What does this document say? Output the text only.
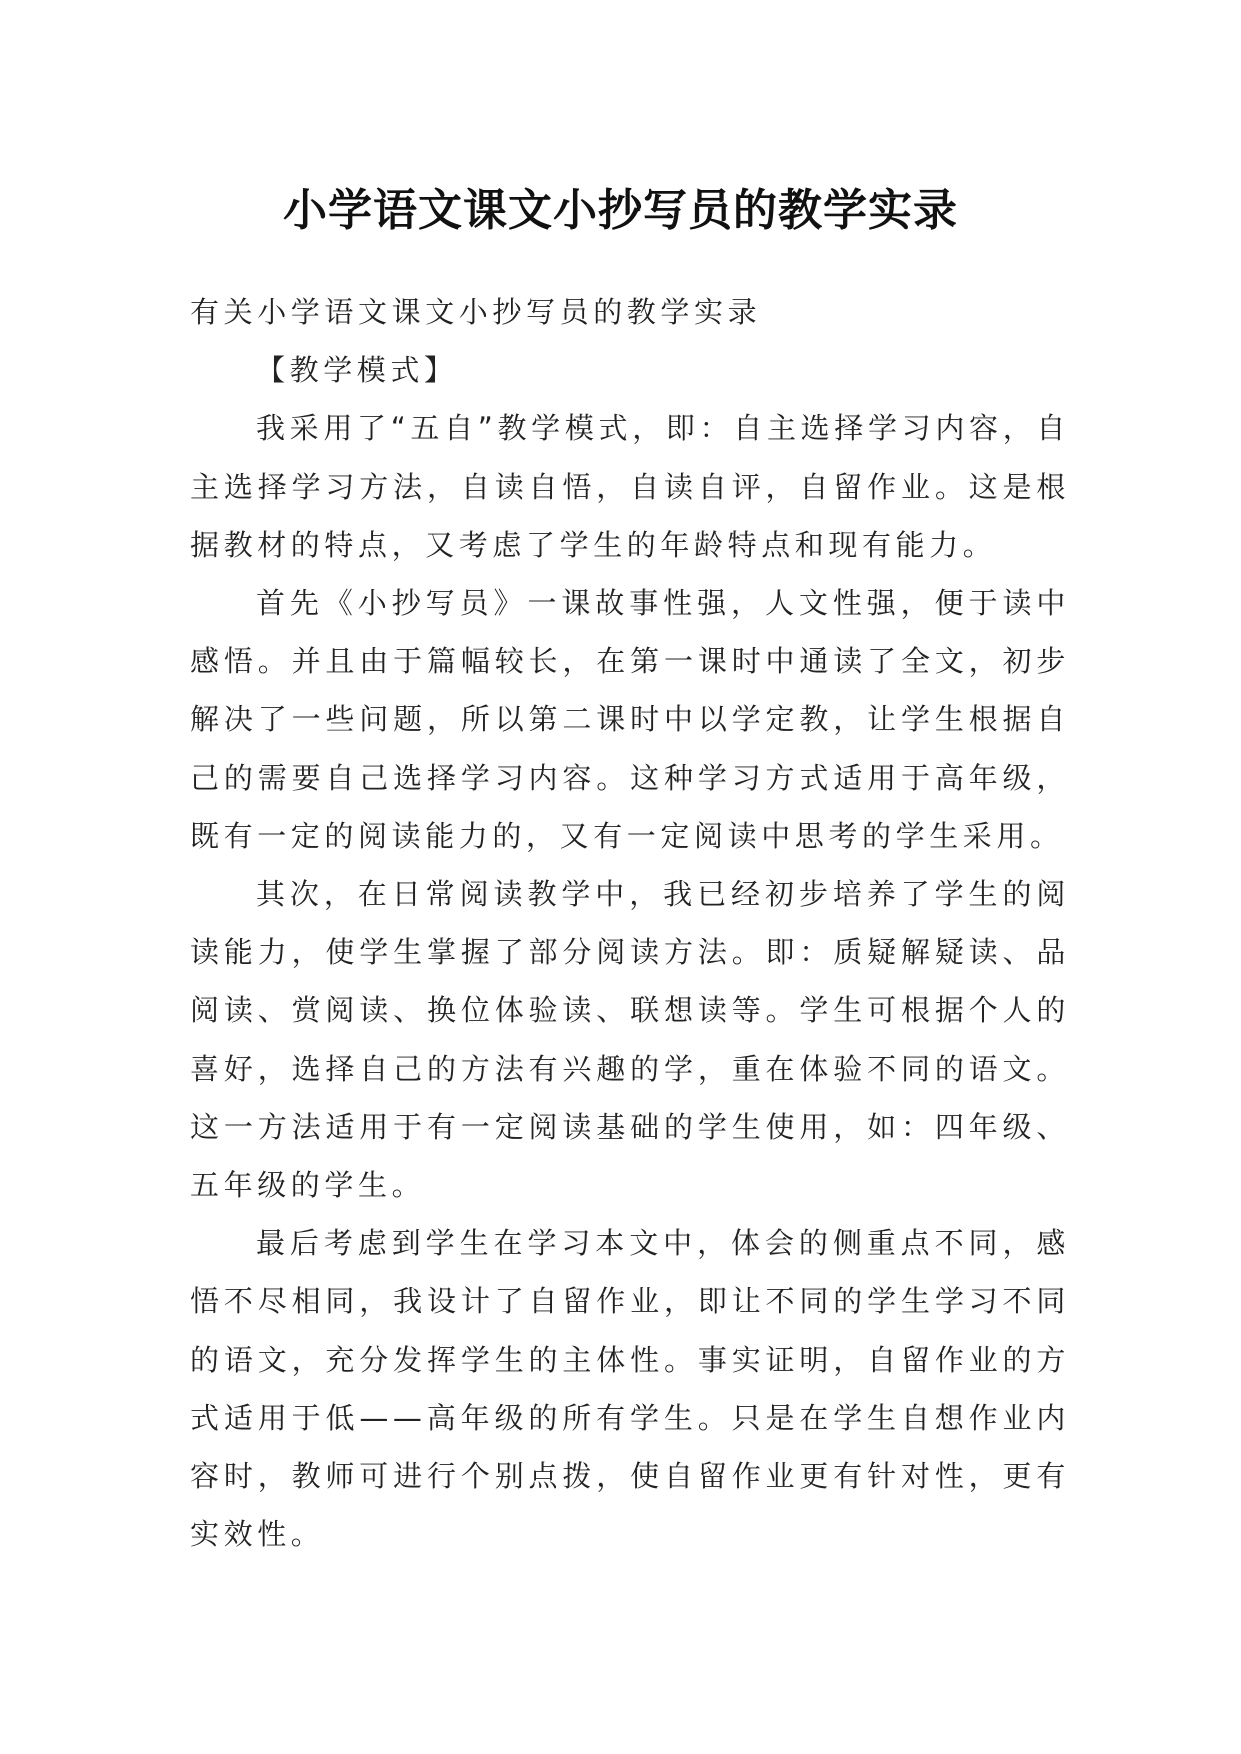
小学语文课文小抄写员的教学实录

有关小学语文课文小抄写员的教学实录

【教学模式】

我采用了“五自”教学模式，即：自主选择学习内容，自主选择学习方法，自读自悟，自读自评，自留作业。这是根据教材的特点，又考虑了学生的年龄特点和现有能力。

首先《小抄写员》一课故事性强，人文性强，便于读中感悟。并且由于篇幅较长，在第一课时中通读了全文，初步解决了一些问题，所以第二课时中以学定教，让学生根据自己的需要自己选择学习内容。这种学习方式适用于高年级，既有一定的阅读能力的，又有一定阅读中思考的学生采用。

其次，在日常阅读教学中，我已经初步培养了学生的阅读能力，使学生掌握了部分阅读方法。即：质疑解疑读、品阅读、赏阅读、换位体验读、联想读等。学生可根据个人的喜好，选择自己的方法有兴趣的学，重在体验不同的语文。这一方法适用于有一定阅读基础的学生使用，如：四年级、五年级的学生。

最后考虑到学生在学习本文中，体会的侧重点不同，感悟不尽相同，我设计了自留作业，即让不同的学生学习不同的语文，充分发挥学生的主体性。事实证明，自留作业的方式适用于低——高年级的所有学生。只是在学生自想作业内容时，教师可进行个别点拨，使自留作业更有针对性，更有实效性。
